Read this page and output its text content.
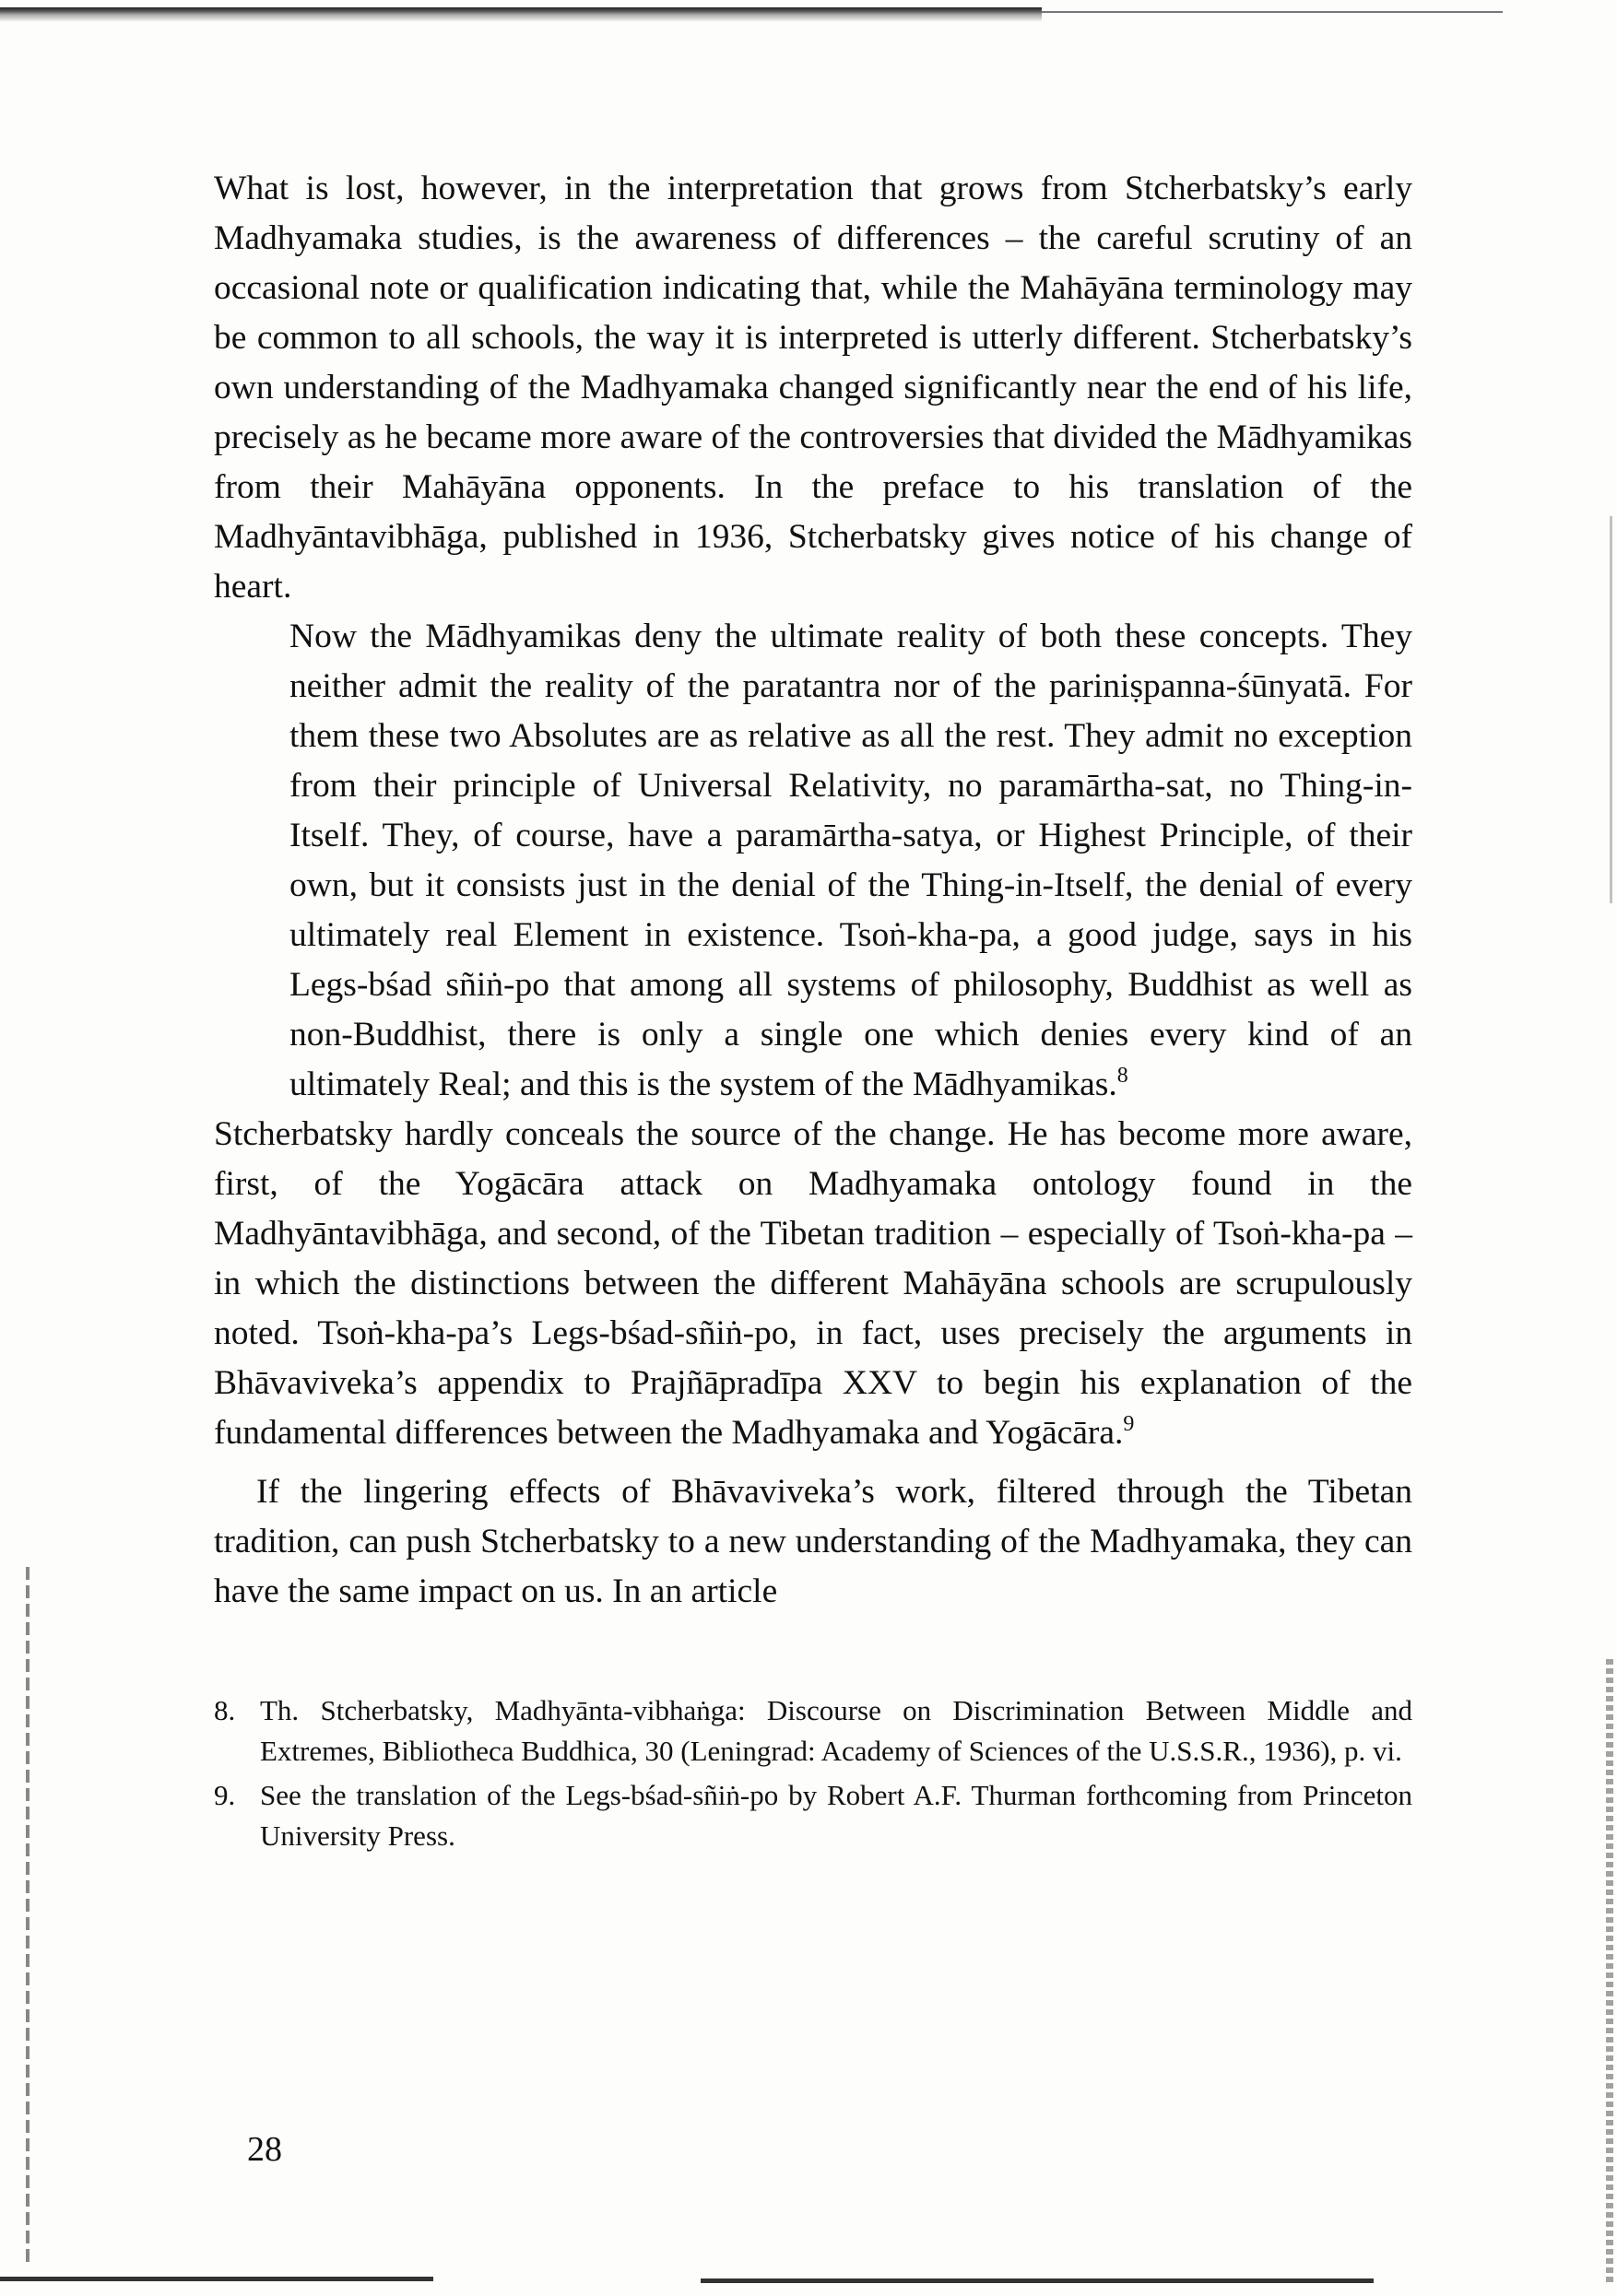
What is lost, however, in the interpretation that grows from Stcherbatsky’s early Madhyamaka studies, is the awareness of differences – the careful scrutiny of an occasional note or qualification indicating that, while the Mahāyāna terminology may be common to all schools, the way it is interpreted is utterly different. Stcherbatsky’s own understanding of the Madhyamaka changed significantly near the end of his life, precisely as he became more aware of the controversies that divided the Mādhyamikas from their Mahāyāna opponents. In the preface to his translation of the Madhyāntavibhāga, published in 1936, Stcherbatsky gives notice of his change of heart.

Now the Mādhyamikas deny the ultimate reality of both these concepts. They neither admit the reality of the paratantra nor of the pariniṣpanna-śūnyatā. For them these two Absolutes are as relative as all the rest. They admit no exception from their principle of Universal Relativity, no paramārtha-sat, no Thing-in-Itself. They, of course, have a paramārtha-satya, or Highest Principle, of their own, but it consists just in the denial of the Thing-in-Itself, the denial of every ultimately real Element in existence. Tsoṅ-kha-pa, a good judge, says in his Legs-bśad sñiṅ-po that among all systems of philosophy, Buddhist as well as non-Buddhist, there is only a single one which denies every kind of an ultimately Real; and this is the system of the Mādhyamikas.$^8$

Stcherbatsky hardly conceals the source of the change. He has become more aware, first, of the Yogācāra attack on Madhyamaka ontology found in the Madhyāntavibhāga, and second, of the Tibetan tradition – especially of Tsoṅ-kha-pa – in which the distinctions between the different Mahāyāna schools are scrupulously noted. Tsoṅ-kha-pa’s Legs-bśad-sñiṅ-po, in fact, uses precisely the arguments in Bhāvaviveka’s appendix to Prajñāpradīpa XXV to begin his explanation of the fundamental differences between the Madhyamaka and Yogācāra.$^9$

If the lingering effects of Bhāvaviveka’s work, filtered through the Tibetan tradition, can push Stcherbatsky to a new understanding of the Madhyamaka, they can have the same impact on us. In an article

8. Th. Stcherbatsky, Madhyānta-vibhaṅga: Discourse on Discrimination Between Middle and Extremes, Bibliotheca Buddhica, 30 (Leningrad: Academy of Sciences of the U.S.S.R., 1936), p. vi.
9. See the translation of the Legs-bśad-sñiṅ-po by Robert A.F. Thurman forthcoming from Princeton University Press.
28
